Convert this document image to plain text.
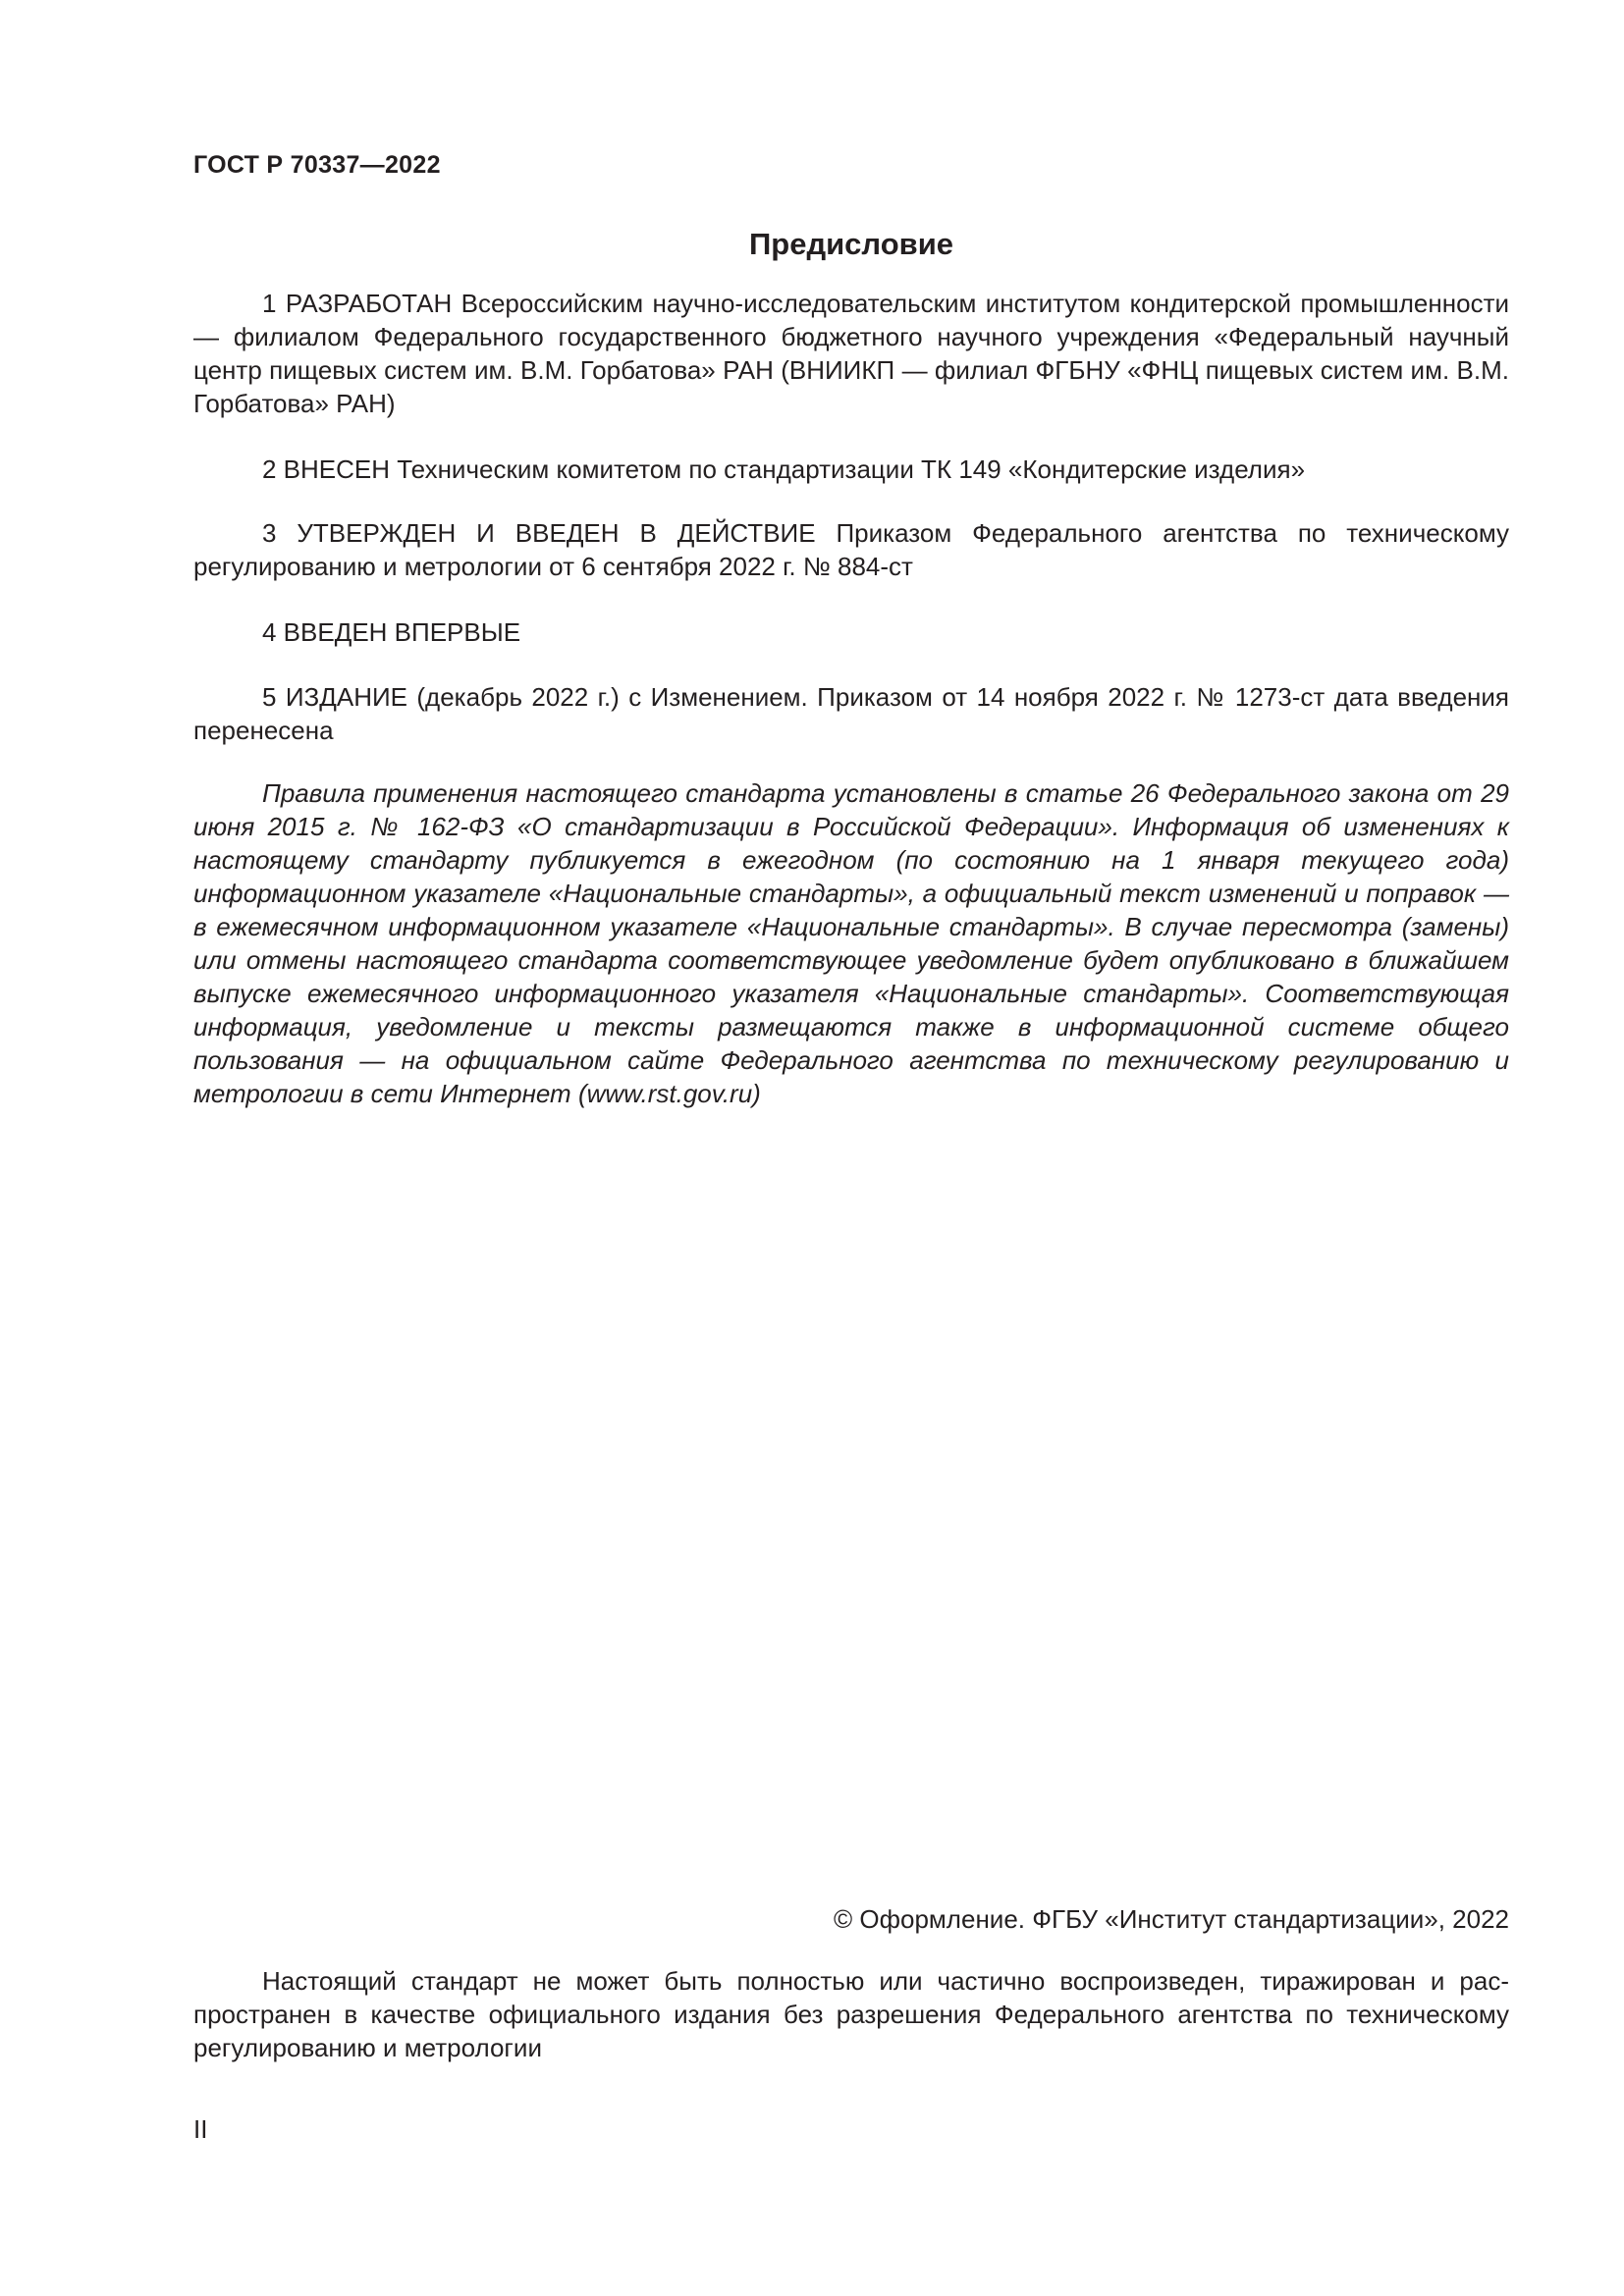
ГОСТ Р 70337—2022
Предисловие

1 РАЗРАБОТАН Всероссийским научно-исследовательским институтом кондитерской промышленности — филиалом Федерального государственного бюджетного научного учреждения «Федеральный научный центр пищевых систем им. В.М. Горбатова» РАН (ВНИИКП — филиал ФГБНУ «ФНЦ пищевых систем им. В.М. Горбатова» РАН)

2 ВНЕСЕН Техническим комитетом по стандартизации ТК 149 «Кондитерские изделия»

3 УТВЕРЖДЕН И ВВЕДЕН В ДЕЙСТВИЕ Приказом Федерального агентства по техническому регулированию и метрологии от 6 сентября 2022 г. № 884-ст

4 ВВЕДЕН ВПЕРВЫЕ

5 ИЗДАНИЕ (декабрь 2022 г.) с Изменением. Приказом от 14 ноября 2022 г. № 1273-ст дата введения перенесена

Правила применения настоящего стандарта установлены в статье 26 Федерального закона от 29 июня 2015 г. № 162-ФЗ «О стандартизации в Российской Федерации». Информация об изменениях к настоящему стандарту публикуется в ежегодном (по состоянию на 1 января текущего года) информационном указателе «Национальные стандарты», а официальный текст изменений и поправок — в ежемесячном информационном указателе «Национальные стандарты». В случае пересмотра (замены) или отмены настоящего стандарта соответствующее уведомление будет опубликовано в ближайшем выпуске ежемесячного информационного указателя «Национальные стандарты». Соответствующая информация, уведомление и тексты размещаются также в информационной системе общего пользования — на официальном сайте Федерального агентства по техническому регулированию и метрологии в сети Интернет (www.rst.gov.ru)

© Оформление. ФГБУ «Институт стандартизации», 2022

Настоящий стандарт не может быть полностью или частично воспроизведен, тиражирован и распространен в качестве официального издания без разрешения Федерального агентства по техническому регулированию и метрологии

II
